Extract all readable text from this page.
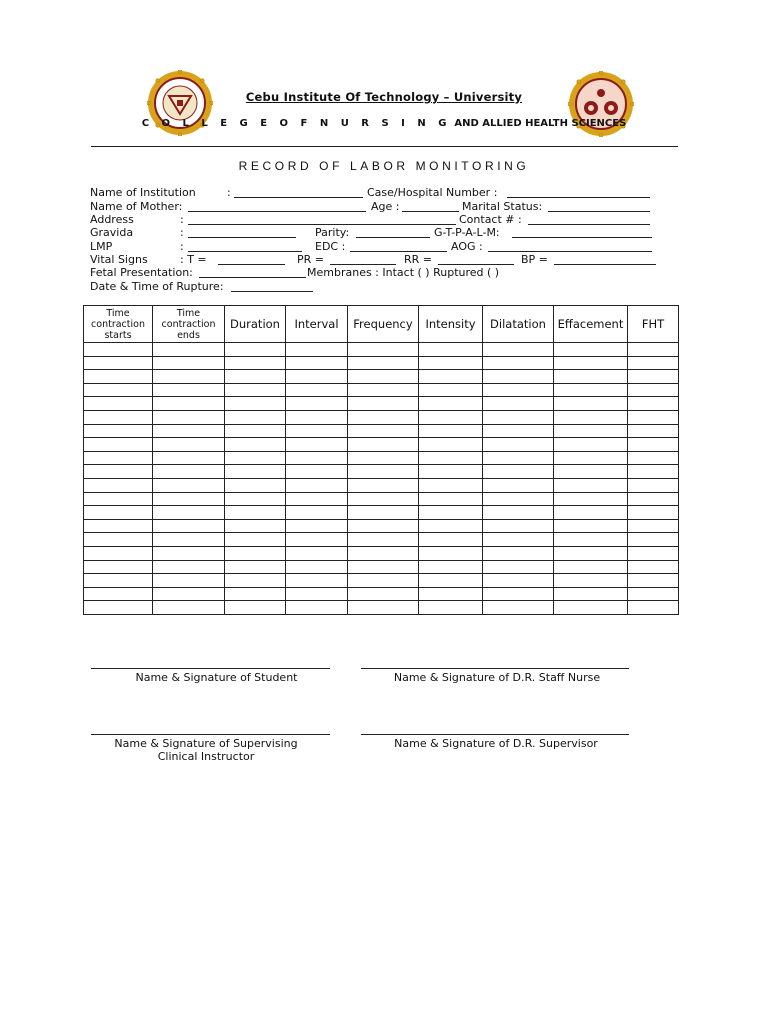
Cebu Institute Of Technology – University
C O L L E G E O F N U R S I N G AND ALLIED HEALTH SCIENCES
RECORD OF LABOR MONITORING
Name of Institution	:	Case/Hospital Number :
Name of Mother:	Age :	Marital Status:
Address	:	Contact # :
Gravida	:	Parity:	G-T-P-A-L-M:
LMP	:	EDC :	AOG :
Vital Signs	: T =	PR =	RR =	BP =
Fetal Presentation:	Membranes : Intact ( ) Ruptured ( )
Date & Time of Rupture:
Time contraction starts	Time contraction ends	Duration	Interval	Frequency	Intensity	Dilatation	Effacement	FHT

Name & Signature of Student	Name & Signature of D.R. Staff Nurse
Name & Signature of Supervising
Clinical Instructor
Name & Signature of D.R. Supervisor
